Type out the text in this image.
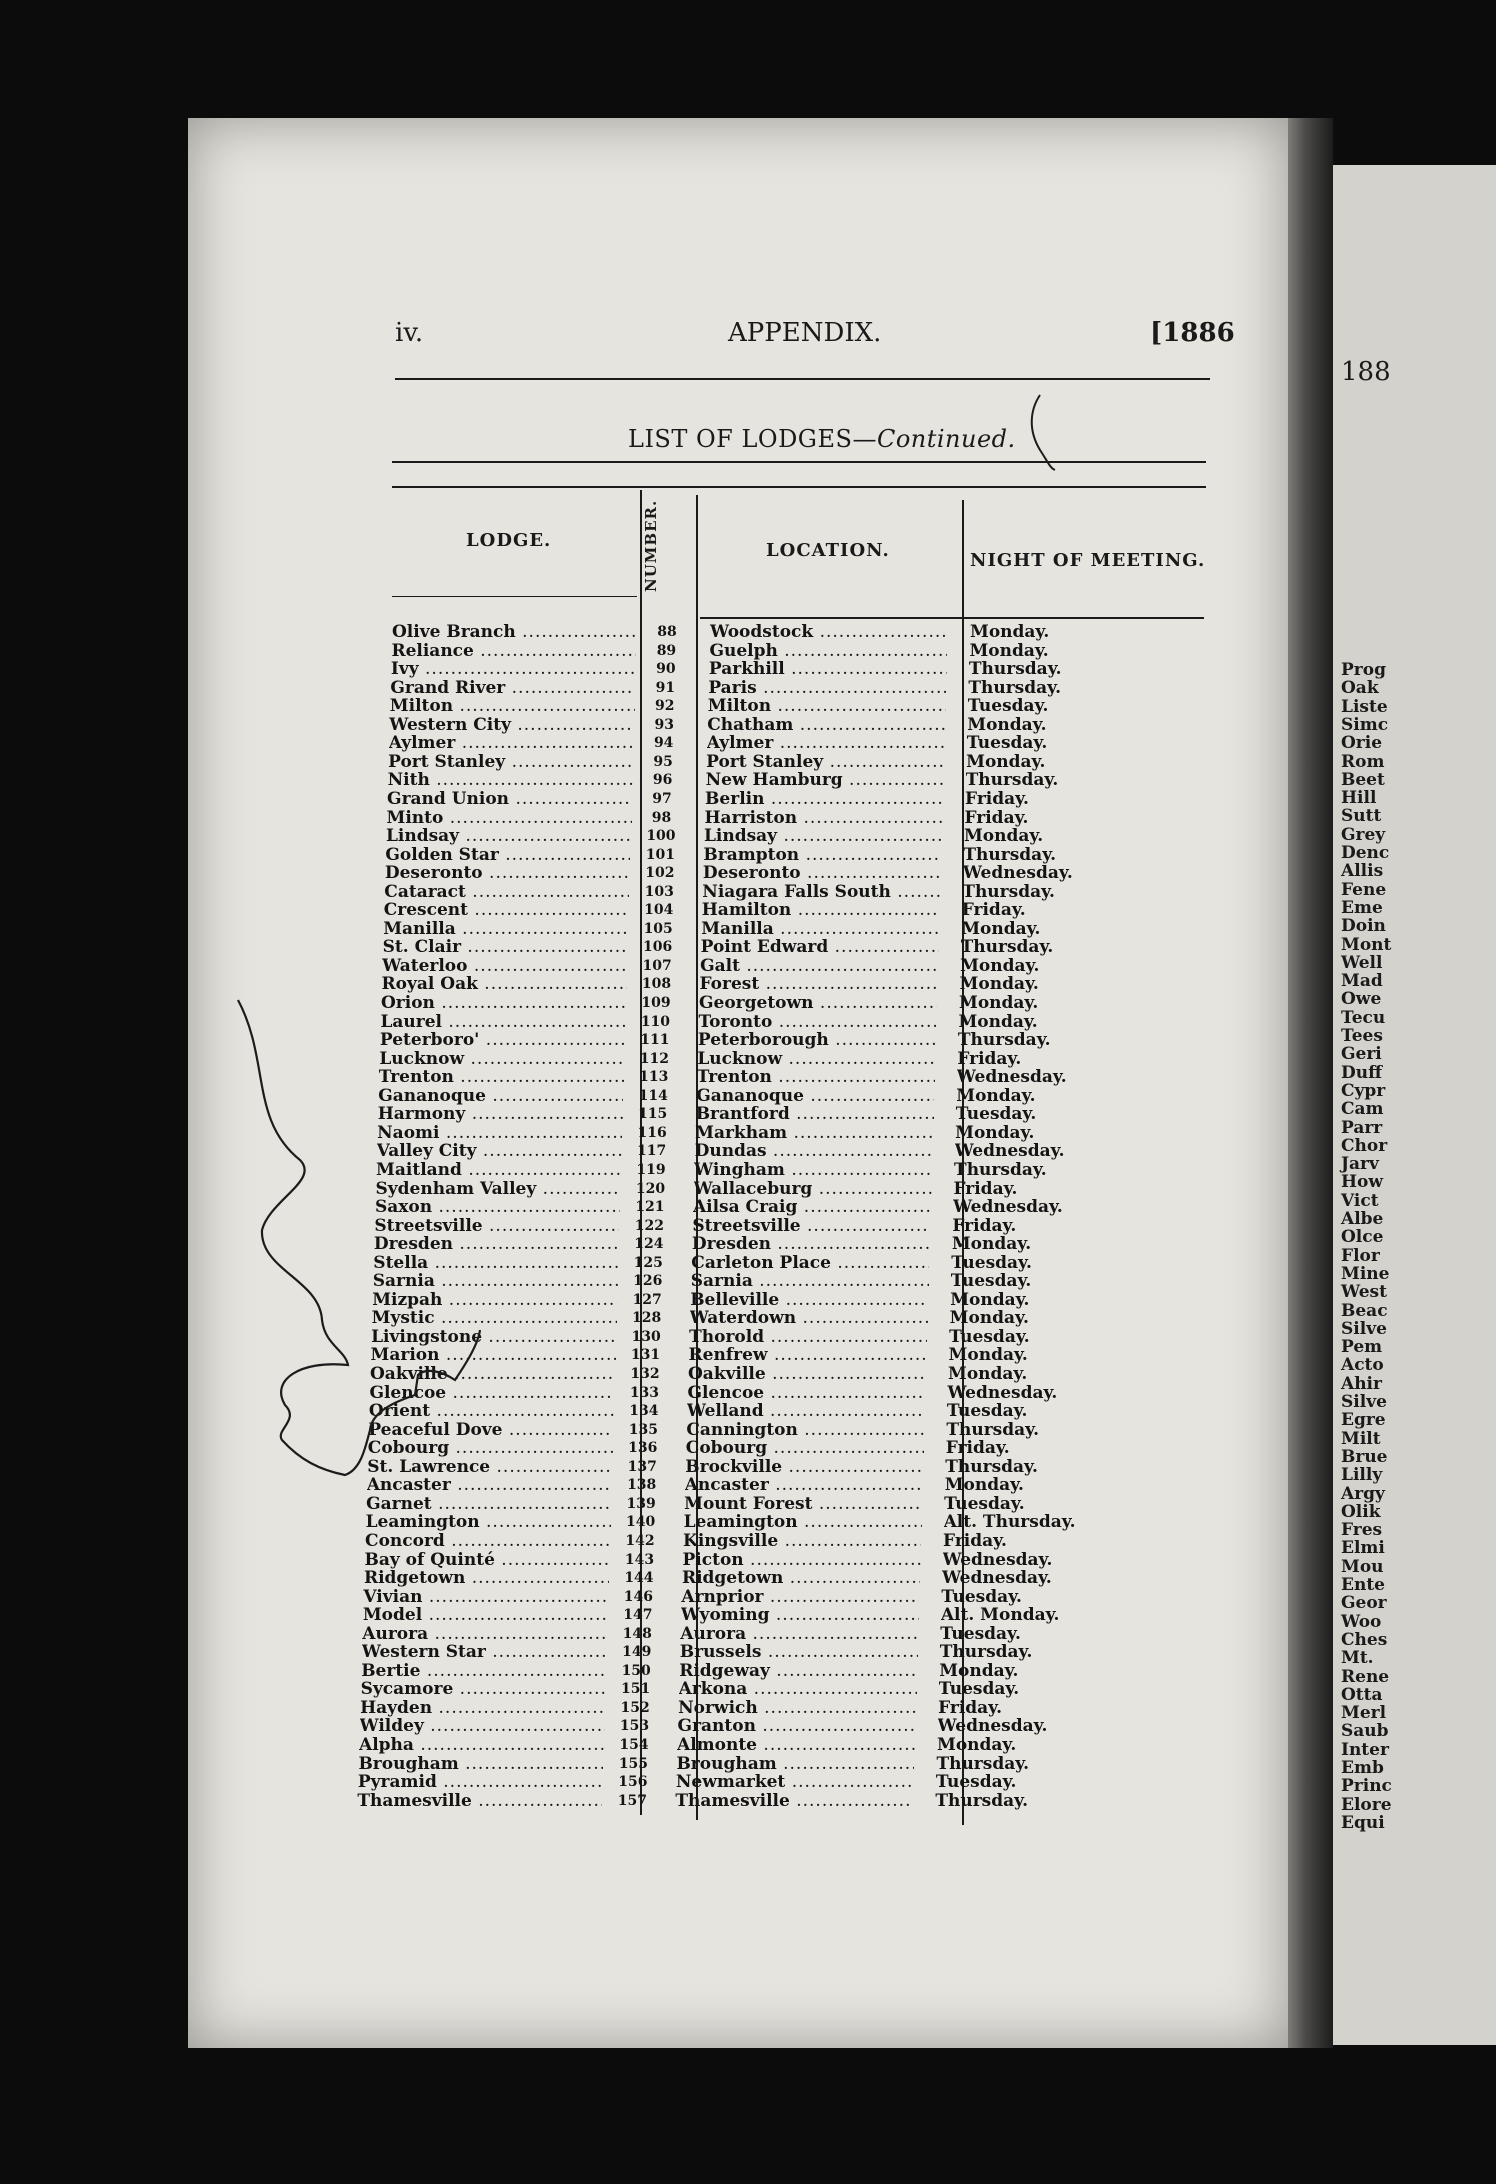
188
Prog
Oak
Liste
Simc
Orie
Rom
Beet
Hill
Sutt
Grey
Denc
Allis
Fene
Eme
Doin
Mont
Well
Mad
Owe
Tecu
Tees
Geri
Duff
Cypr
Cam
Parr
Chor
Jarv
How
Vict
Albe
Olce
Flor
Mine
West
Beac
Silve
Pem
Acto
Ahir
Silve
Egre
Milt
Brue
Lilly
Argy
Olik
Fres
Elmi
Mou
Ente
Geor
Woo
Ches
Mt.
Rene
Otta
Merl
Saub
Inter
Emb
Princ
Elore
Equi
iv.	APPENDIX.	[1886
LIST OF LODGES—Continued.
LODGE.	NUMBER.	LOCATION.	NIGHT OF MEETING.
Olive Branch .....	88	Woodstock .....	Monday.
Reliance .....	89	Guelph .....	Monday.
Ivy .....	90	Parkhill .....	Thursday.
Grand River .....	91	Paris .....	Thursday.
Milton .....	92	Milton .....	Tuesday.
Western City .....	93	Chatham .....	Monday.
Aylmer .....	94	Aylmer .....	Tuesday.
Port Stanley .....	95	Port Stanley .....	Monday.
Nith .....	96	New Hamburg .....	Thursday.
Grand Union .....	97	Berlin .....	Friday.
Minto .....	98	Harriston .....	Friday.
Lindsay .....	100 Lindsay .....	Monday.
Golden Star .....	101 Brampton .....	Thursday.
Deseronto .....	102 Deseronto .....	Wednesday.
Cataract .....	103 Niagara Falls South .....	Thursday.
Crescent .....	104 Hamilton .....	Friday.
Manilla .....	105 Manilla .....	Monday.
St. Clair .....	106 Point Edward .....	Thursday.
Waterloo .....	107 Galt .....	Monday.
Royal Oak .....	108 Forest .....	Monday.
Orion .....	109 Georgetown .....	Monday.
Laurel .....	110 Toronto .....	Monday.
Peterboro' .....	111 Peterborough .....	Thursday.
Lucknow .....	112 Lucknow .....	Friday.
Trenton .....	113 Trenton .....	Wednesday.
Gananoque .....	114 Gananoque .....	Monday.
Harmony .....	115 Brantford .....	Tuesday.
Naomi .....	116 Markham .....	Monday.
Valley City .....	117 Dundas .....	Wednesday.
Maitland .....	119 Wingham .....	Thursday.
Sydenham Valley .....	120 Wallaceburg .....	Friday.
Saxon .....	121 Ailsa Craig .....	Wednesday.
Streetsville .....	122 Streetsville .....	Friday.
Dresden .....	124 Dresden .....	Monday.
Stella .....	125 Carleton Place .....	Tuesday.
Sarnia .....	126 Sarnia .....	Tuesday.
Mizpah .....	127 Belleville .....	Monday.
Mystic .....	128 Waterdown .....	Monday.
Livingstone .....	130 Thorold .....	Tuesday.
Marion .....	131 Renfrew .....	Monday.
Oakville .....	132 Oakville .....	Monday.
Glencoe .....	133 Glencoe .....	Wednesday.
Orient .....	134 Welland .....	Tuesday.
Peaceful Dove .....	135 Cannington .....	Thursday.
Cobourg .....	136 Cobourg .....	Friday.
St. Lawrence .....	137 Brockville .....	Thursday.
Ancaster .....	138 Ancaster .....	Monday.
Garnet .....	139 Mount Forest .....	Tuesday.
Leamington .....	140 Leamington .....	Alt. Thursday.
Concord .....	142 Kingsville .....	Friday.
Bay of Quinté .....	143 Picton .....	Wednesday.
Ridgetown .....	144 Ridgetown .....	Wednesday.
Vivian .....	146 Arnprior .....	Tuesday.
Model .....	147 Wyoming .....	Alt. Monday.
Aurora .....	148 Aurora .....	Tuesday.
Western Star .....	149 Brussels .....	Thursday.
Bertie .....	150 Ridgeway .....	Monday.
Sycamore .....	151 Arkona .....	Tuesday.
Hayden .....	152 Norwich .....	Friday.
Wildey .....	153 Granton .....	Wednesday.
Alpha .....	154 Almonte .....	Monday.
Brougham .....	155 Brougham .....	Thursday.
Pyramid .....	156 Newmarket .....	Tuesday.
Thamesville .....	157 Thamesville .....	Thursday.
